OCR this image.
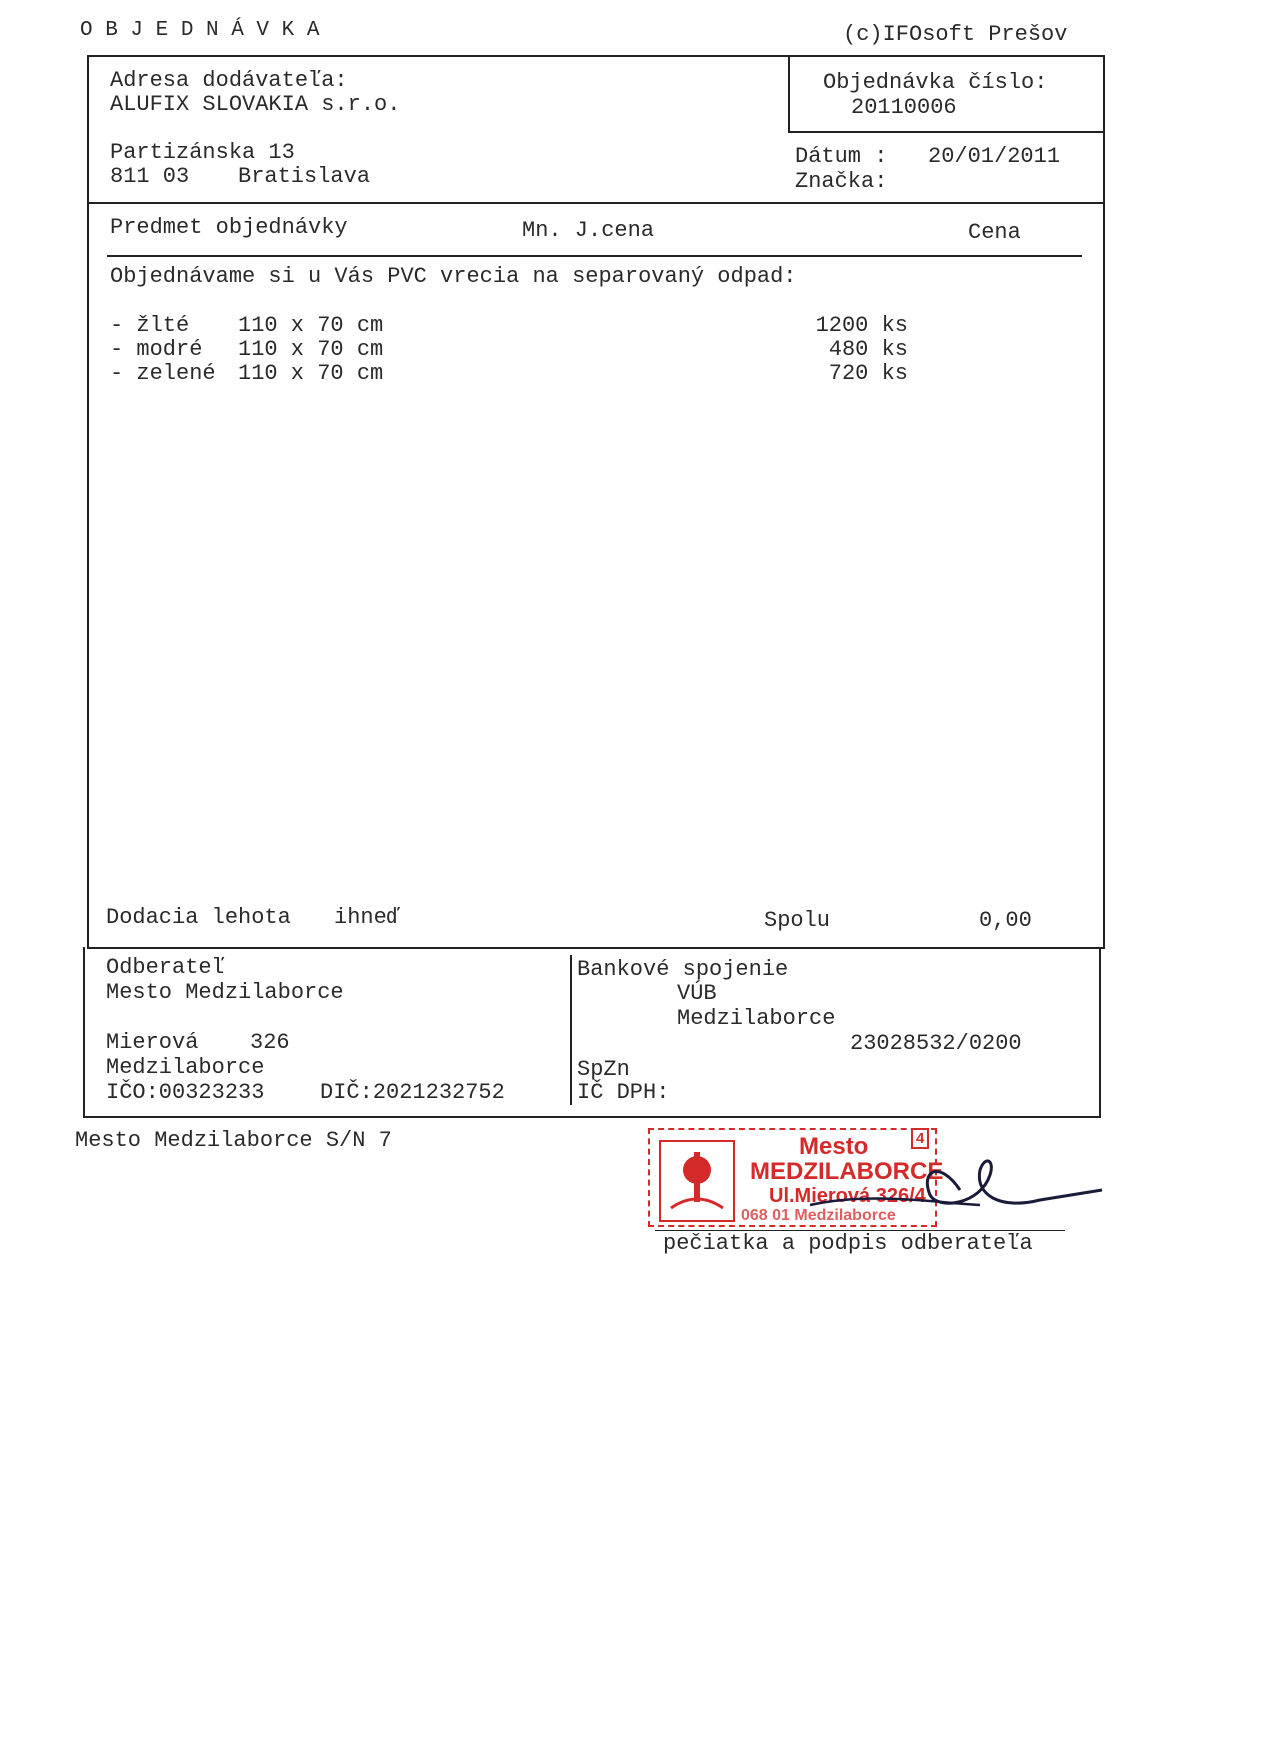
O B J E D N Á V K A	(c)IFOsoft Prešov
Adresa dodávateľa:
ALUFIX SLOVAKIA s.r.o.
Partizánska 13
811 03 Bratislava
Objednávka číslo:
20110006
Dátum : 20/01/2011
Značka:
Predmet objednávky	Mn. J.cena	Cena
Objednávame si u Vás PVC vrecia na separovaný odpad:
- žlté 110 x 70 cm	1200 ks
- modré 110 x 70 cm	480 ks
- zelené 110 x 70 cm	720 ks
Dodacia lehota ihneď	Spolu	0,00
Odberateľ
Mesto Medzilaborce
Mierová 326
Medzilaborce
IČO:00323233	DIČ:2021232752
Bankové spojenie
VÚB
Medzilaborce
23028532/0200
SpZn
IČ DPH:
Mesto Medzilaborce S/N 7	Mesto
MEDZILABORCE
Ul.Mierová 326/4
068 01 Medzilaborce
4
pečiatka a podpis odberateľa
